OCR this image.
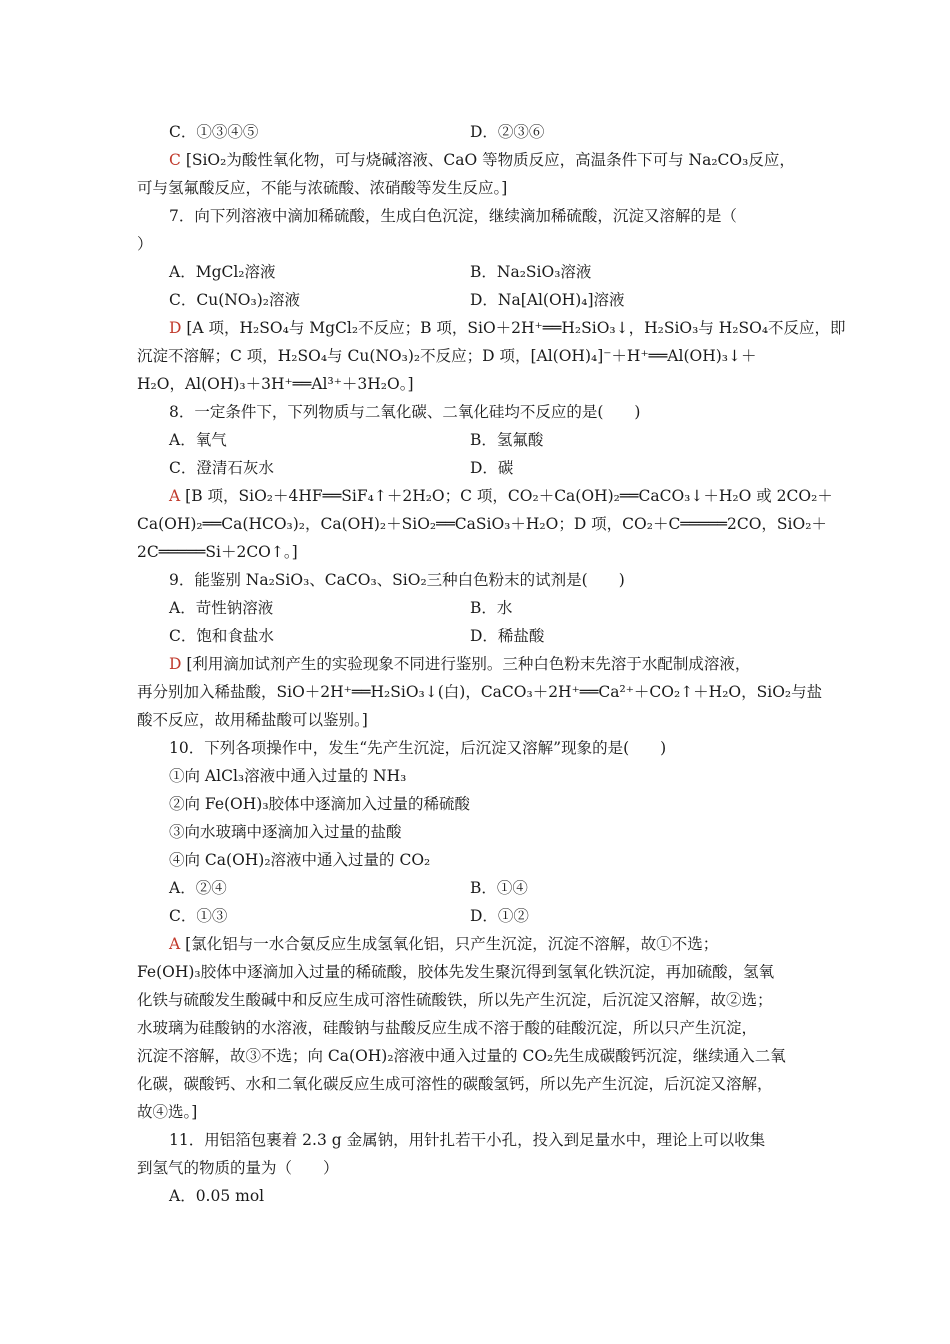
C．①③④⑤	D．②③⑥
C [SiO₂为酸性氧化物，可与烧碱溶液、CaO 等物质反应，高温条件下可与 Na₂CO₃反应，
可与氢氟酸反应，不能与浓硫酸、浓硝酸等发生反应。]
7．向下列溶液中滴加稀硫酸，生成白色沉淀，继续滴加稀硫酸，沉淀又溶解的是（
）
A．MgCl₂溶液	B．Na₂SiO₃溶液
C．Cu(NO₃)₂溶液	D．Na[Al(OH)₄]溶液
D [A 项，H₂SO₄与 MgCl₂不反应；B 项，SiO＋2H⁺══H₂SiO₃↓，H₂SiO₃与 H₂SO₄不反应，即
沉淀不溶解；C 项，H₂SO₄与 Cu(NO₃)₂不反应；D 项，[Al(OH)₄]⁻＋H⁺══Al(OH)₃↓＋
H₂O，Al(OH)₃＋3H⁺══Al³⁺＋3H₂O。]
8．一定条件下，下列物质与二氧化碳、二氧化硅均不反应的是(　　)
A．氧气	B．氢氟酸
C．澄清石灰水	D．碳
A [B 项，SiO₂＋4HF══SiF₄↑＋2H₂O；C 项，CO₂＋Ca(OH)₂══CaCO₃↓＋H₂O 或 2CO₂＋
Ca(OH)₂══Ca(HCO₃)₂，Ca(OH)₂＋SiO₂══CaSiO₃＋H₂O；D 项，CO₂＋C═════2CO，SiO₂＋
2C═════Si＋2CO↑。]
9．能鉴别 Na₂SiO₃、CaCO₃、SiO₂三种白色粉末的试剂是(　　)
A．苛性钠溶液	B．水
C．饱和食盐水	D．稀盐酸
D [利用滴加试剂产生的实验现象不同进行鉴别。三种白色粉末先溶于水配制成溶液，
再分别加入稀盐酸，SiO＋2H⁺══H₂SiO₃↓(白)，CaCO₃＋2H⁺══Ca²⁺＋CO₂↑＋H₂O，SiO₂与盐
酸不反应，故用稀盐酸可以鉴别。]
10．下列各项操作中，发生“先产生沉淀，后沉淀又溶解”现象的是(　　)
①向 AlCl₃溶液中通入过量的 NH₃
②向 Fe(OH)₃胶体中逐滴加入过量的稀硫酸
③向水玻璃中逐滴加入过量的盐酸
④向 Ca(OH)₂溶液中通入过量的 CO₂
A．②④	B．①④
C．①③	D．①②
A [氯化铝与一水合氨反应生成氢氧化铝，只产生沉淀，沉淀不溶解，故①不选；
Fe(OH)₃胶体中逐滴加入过量的稀硫酸，胶体先发生聚沉得到氢氧化铁沉淀，再加硫酸，氢氧
化铁与硫酸发生酸碱中和反应生成可溶性硫酸铁，所以先产生沉淀，后沉淀又溶解，故②选；
水玻璃为硅酸钠的水溶液，硅酸钠与盐酸反应生成不溶于酸的硅酸沉淀，所以只产生沉淀，
沉淀不溶解，故③不选；向 Ca(OH)₂溶液中通入过量的 CO₂先生成碳酸钙沉淀，继续通入二氧
化碳，碳酸钙、水和二氧化碳反应生成可溶性的碳酸氢钙，所以先产生沉淀，后沉淀又溶解，
故④选。]
11．用铝箔包裹着 2.3 g 金属钠，用针扎若干小孔，投入到足量水中，理论上可以收集
到氢气的物质的量为（　　）
A．0.05 mol
